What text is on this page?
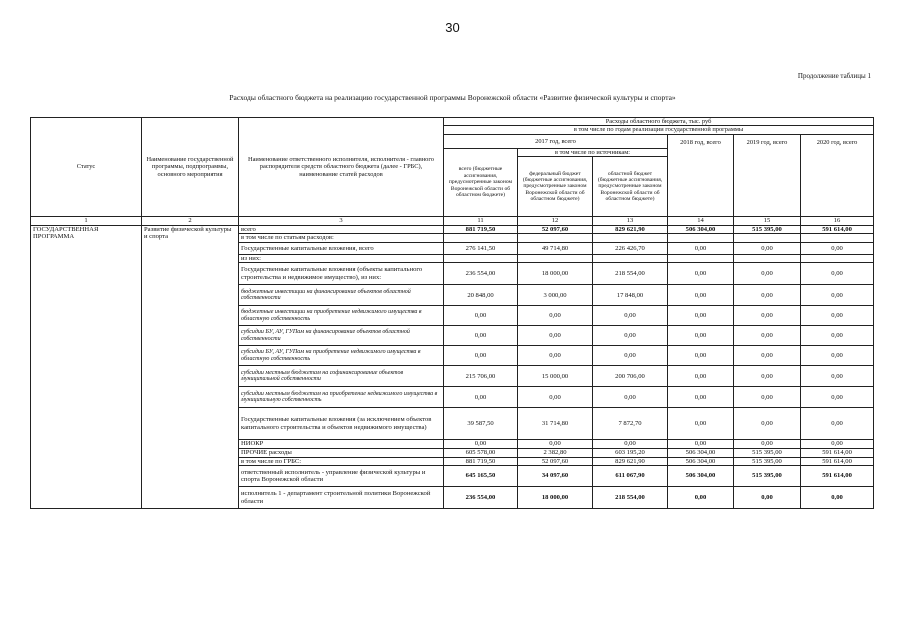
30
Продолжение таблицы 1
Расходы областного бюджета на реализацию государственной программы Воронежской области «Развитие физической культуры и спорта»
Статус	Наименование государственной программы, подпрограммы, основного мероприятия	Наименование ответственного исполнителя, исполнителя - главного распорядителя средств областного бюджета (далее - ГРБС), наименование статей расходов	Расходы областного бюджета, тыс. руб					
			в том числе по годам реализации государственной программы					
			2017 год, всего			2018 год, всего	2019 год, всего	2020 год, всего
			всего (бюджетные ассигнования, предусмотренные законом Воронежской области об областном бюджете)	в том числе по источникам:				
				федеральный бюджет (бюджетные ассигнования, предусмотренные законом Воронежской области об областном бюджете)	областной бюджет (бюджетные ассигнования, предусмотренные законом Воронежской области об областном бюджете)			
1	2	3	11	12	13	14	15	16
ГОСУДАРСТВЕННАЯ ПРОГРАММА	Развитие физической культуры и спорта	всего	881 719,50	52 097,60	829 621,90	506 304,00	515 395,00	591 614,00
		в том числе по статьям расходов:						
		Государственные капитальные вложения, всего	276 141,50	49 714,80	226 426,70	0,00	0,00	0,00
		из них:						
		Государственные капитальные вложения (объекты капитального строительства и недвижимое имущество), из них:	236 554,00	18 000,00	218 554,00	0,00	0,00	0,00
		бюджетные инвестиции на финансирование объектов областной собственности	20 848,00	3 000,00	17 848,00	0,00	0,00	0,00
		бюджетные инвестиции на приобретение недвижимого имущества в областную собственность	0,00	0,00	0,00	0,00	0,00	0,00
		субсидии БУ, АУ, ГУПам на финансирование объектов областной собственности	0,00	0,00	0,00	0,00	0,00	0,00
		субсидии БУ, АУ, ГУПам на приобретение недвижимого имущества в областную собственность	0,00	0,00	0,00	0,00	0,00	0,00
		субсидии местным бюджетам на софинансирование объектов муниципальной собственности	215 706,00	15 000,00	200 706,00	0,00	0,00	0,00
		субсидии местным бюджетам на приобретение недвижимого имущества в муниципальную собственность	0,00	0,00	0,00	0,00	0,00	0,00
		Государственные капитальные вложения (за исключением объектов капитального строительства и объектов недвижимого имущества)	39 587,50	31 714,80	7 872,70	0,00	0,00	0,00
		НИОКР	0,00	0,00	0,00	0,00	0,00	0,00
		ПРОЧИЕ расходы	605 578,00	2 382,80	603 195,20	506 304,00	515 395,00	591 614,00
		в том числе по ГРБС:	881 719,50	52 097,60	829 621,90	506 304,00	515 395,00	591 614,00
		ответственный исполнитель - управление физической культуры и спорта Воронежской области	645 165,50	34 097,60	611 067,90	506 304,00	515 395,00	591 614,00
		исполнитель 1 - департамент строительной политики Воронежской области	236 554,00	18 000,00	218 554,00	0,00	0,00	0,00
